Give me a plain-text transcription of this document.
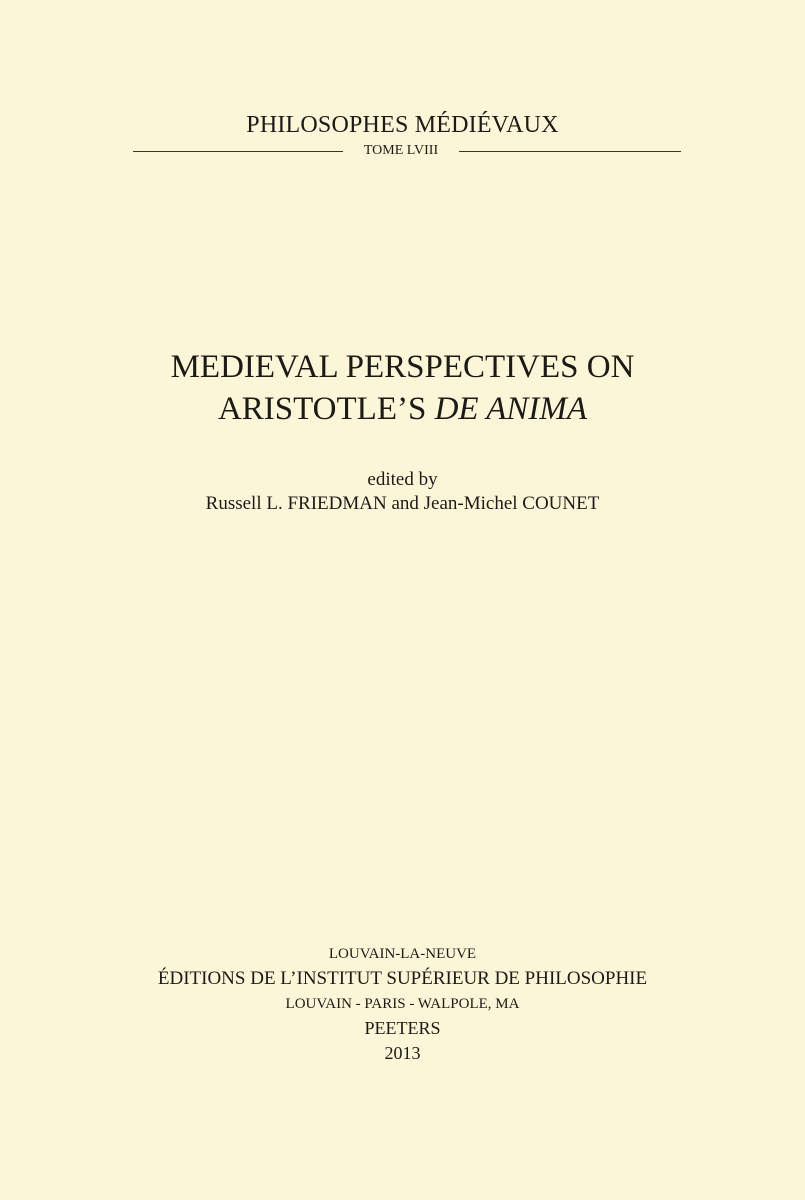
PHILOSOPHES MÉDIÉVAUX
TOME LVIII
MEDIEVAL PERSPECTIVES ON
ARISTOTLE’S DE ANIMA
edited by
Russell L. FRIEDMAN and Jean-Michel COUNET
LOUVAIN-LA-NEUVE
ÉDITIONS DE L’INSTITUT SUPÉRIEUR DE PHILOSOPHIE
LOUVAIN - PARIS - WALPOLE, MA
PEETERS
2013
